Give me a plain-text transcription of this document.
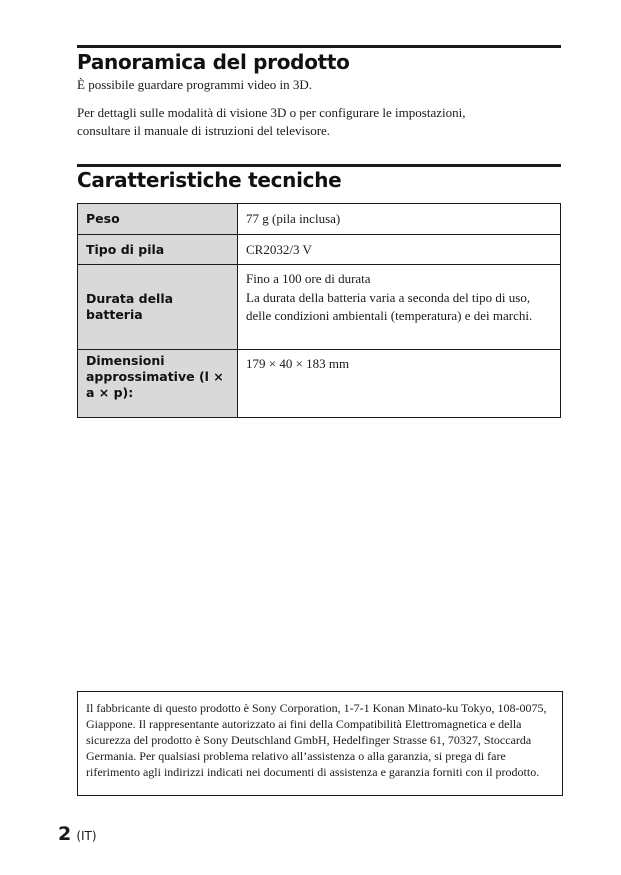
Panoramica del prodotto

È possibile guardare programmi video in 3D.

Per dettagli sulle modalità di visione 3D o per configurare le impostazioni, consultare il manuale di istruzioni del televisore.

Caratteristiche tecniche
Peso	77 g (pila inclusa)
Tipo di pila	CR2032/3 V
Durata della batteria	Fino a 100 ore di durata
La durata della batteria varia a seconda del tipo di uso, delle condizioni ambientali (temperatura) e dei marchi.

Dimensioni approssimative (l × a × p):	179 × 40 × 183 mm
Il fabbricante di questo prodotto è Sony Corporation, 1-7-1 Konan Minato-ku Tokyo, 108-0075, Giappone. Il rappresentante autorizzato ai fini della Compatibilità Elettromagnetica e della sicurezza del prodotto è Sony Deutschland GmbH, Hedelfinger Strasse 61, 70327, Stoccarda Germania. Per qualsiasi problema relativo all’assistenza o alla garanzia, si prega di fare riferimento agli indirizzi indicati nei documenti di assistenza e garanzia forniti con il prodotto.
2 (IT)
